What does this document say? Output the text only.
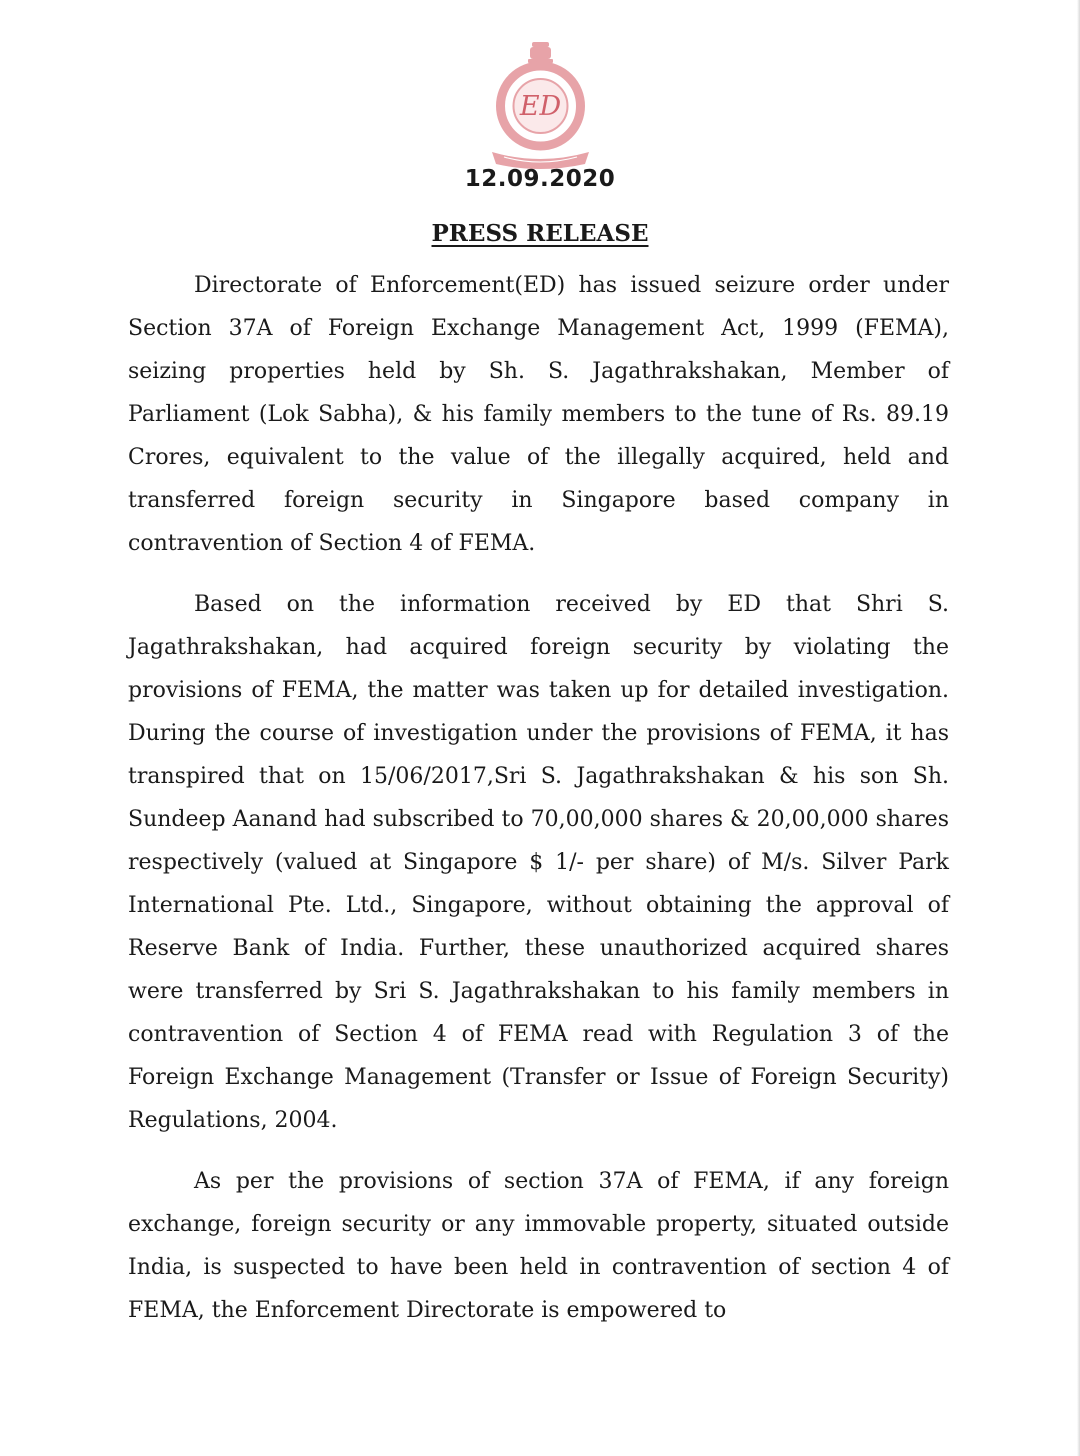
ED
12.09.2020
PRESS RELEASE

Directorate of Enforcement(ED) has issued seizure order under Section 37A of Foreign Exchange Management Act, 1999 (FEMA), seizing properties held by Sh. S. Jagathrakshakan, Member of Parliament (Lok Sabha), & his family members to the tune of Rs. 89.19 Crores, equivalent to the value of the illegally acquired, held and transferred foreign security in Singapore based company in contravention of Section 4 of FEMA.

Based on the information received by ED that Shri S. Jagathrakshakan, had acquired foreign security by violating the provisions of FEMA, the matter was taken up for detailed investigation. During the course of investigation under the provisions of FEMA, it has transpired that on 15/06/2017,Sri S. Jagathrakshakan & his son Sh. Sundeep Aanand had subscribed to 70,00,000 shares & 20,00,000 shares respectively (valued at Singapore $ 1/- per share) of M/s. Silver Park International Pte. Ltd., Singapore, without obtaining the approval of Reserve Bank of India. Further, these unauthorized acquired shares were transferred by Sri S. Jagathrakshakan to his family members in contravention of Section 4 of FEMA read with Regulation 3 of the Foreign Exchange Management (Transfer or Issue of Foreign Security) Regulations, 2004.

As per the provisions of section 37A of FEMA, if any foreign exchange, foreign security or any immovable property, situated outside India, is suspected to have been held in contravention of section 4 of FEMA, the Enforcement Directorate is empowered to
